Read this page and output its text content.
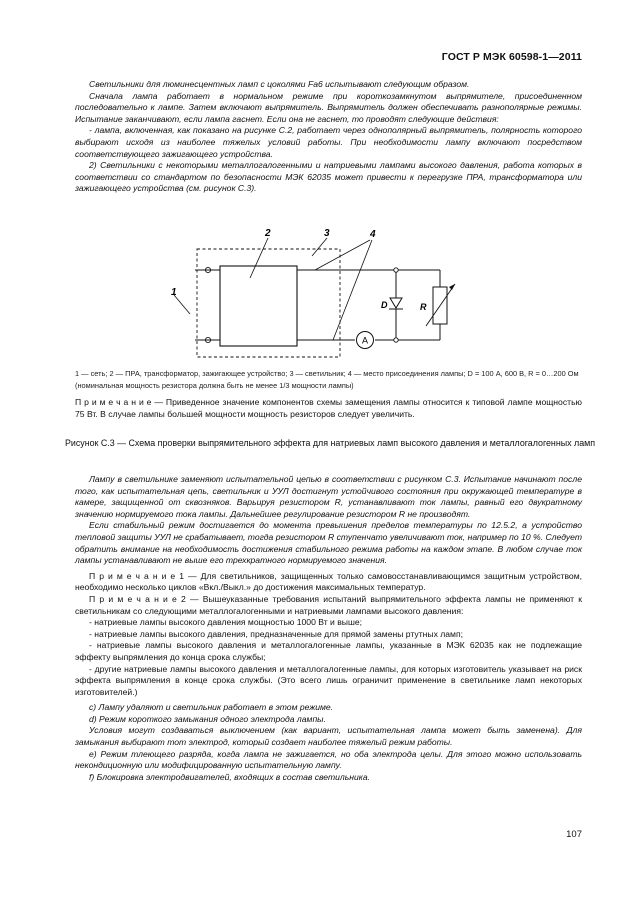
ГОСТ Р МЭК 60598-1—2011

Светильники для люминесцентных ламп с цоколями Fa6 испытывают следующим образом.

Сначала лампа работает в нормальном режиме при короткозамкнутом выпрямителе, присоединенном последовательно к лампе. Затем включают выпрямитель. Выпрямитель должен обеспечивать разнополярные режимы. Испытание заканчивают, если лампа гаснет. Если она не гаснет, то проводят следующие действия:

- лампа, включенная, как показано на рисунке С.2, работает через однополярный выпрямитель, полярность которого выбирают исходя из наиболее тяжелых условий работы. При необходимости лампу включают посредством соответствующего зажигающего устройства.

2) Светильники с некоторыми металлогалогенными и натриевыми лампами высокого давления, работа которых в соответствии со стандартом по безопасности МЭК 62035 может привести к перегрузке ПРА, трансформатора или зажигающего устройства (см. рисунок С.3).

A
D	R
1
2	3	4
1 — сеть; 2 — ПРА, трансформатор, зажигающее устройство; 3 — светильник; 4 — место присоединения лампы; D = 100 А, 600 В, R = 0…200 Ом (номинальная мощность резистора должна быть не менее 1/3 мощности лампы)
П р и м е ч а н и е — Приведенное значение компонентов схемы замещения лампы относится к типовой лампе мощностью 75 Вт. В случае лампы большей мощности мощность резисторов следует увеличить.
Рисунок С.3 — Схема проверки выпрямительного эффекта для натриевых ламп высокого давления и металлогалогенных ламп

Лампу в светильнике заменяют испытательной цепью в соответствии с рисунком С.3. Испытание начинают после того, как испытательная цепь, светильник и УУЛ достигнут устойчивого состояния при окружающей температуре в камере, защищенной от сквозняков. Варьируя резистором R, устанавливают ток лампы, равный его двукратному значению нормируемого тока лампы. Дальнейшее регулирование резистором R не производят.

Если стабильный режим достигается до момента превышения пределов температуры по 12.5.2, а устройство тепловой защиты УУЛ не срабатывает, тогда резистором R ступенчато увеличивают ток, например по 10 %. Следует обратить внимание на необходимость достижения стабильного режима работы на каждом этапе. В любом случае ток лампы устанавливают не выше его трехкратного нормируемого значения.

П р и м е ч а н и е 1 — Для светильников, защищенных только самовосстанавливающимся защитным устройством, необходимо несколько циклов «Вкл./Выкл.» до достижения максимальных температур.

П р и м е ч а н и е 2 — Вышеуказанные требования испытаний выпрямительного эффекта лампы не применяют к светильникам со следующими металлогалогенными и натриевыми лампами высокого давления:

- натриевые лампы высокого давления мощностью 1000 Вт и выше;

- натриевые лампы высокого давления, предназначенные для прямой замены ртутных ламп;

- натриевые лампы высокого давления и металлогалогенные лампы, указанные в МЭК 62035 как не подлежащие эффекту выпрямления до конца срока службы;

- другие натриевые лампы высокого давления и металлогалогенные лампы, для которых изготовитель указывает на риск эффекта выпрямления в конце срока службы. (Это всего лишь ограничит применение в светильнике ламп некоторых изготовителей.)

c) Лампу удаляют и светильник работает в этом режиме.

d) Режим короткого замыкания одного электрода лампы.

Условия могут создаваться выключением (как вариант, испытательная лампа может быть заменена). Для замыкания выбирают тот электрод, который создает наиболее тяжелый режим работы.

e) Режим тлеющего разряда, когда лампа не зажигается, но оба электрода целы. Для этого можно использовать некондиционную или модифицированную испытательную лампу.

f) Блокировка электродвигателей, входящих в состав светильника.

107
